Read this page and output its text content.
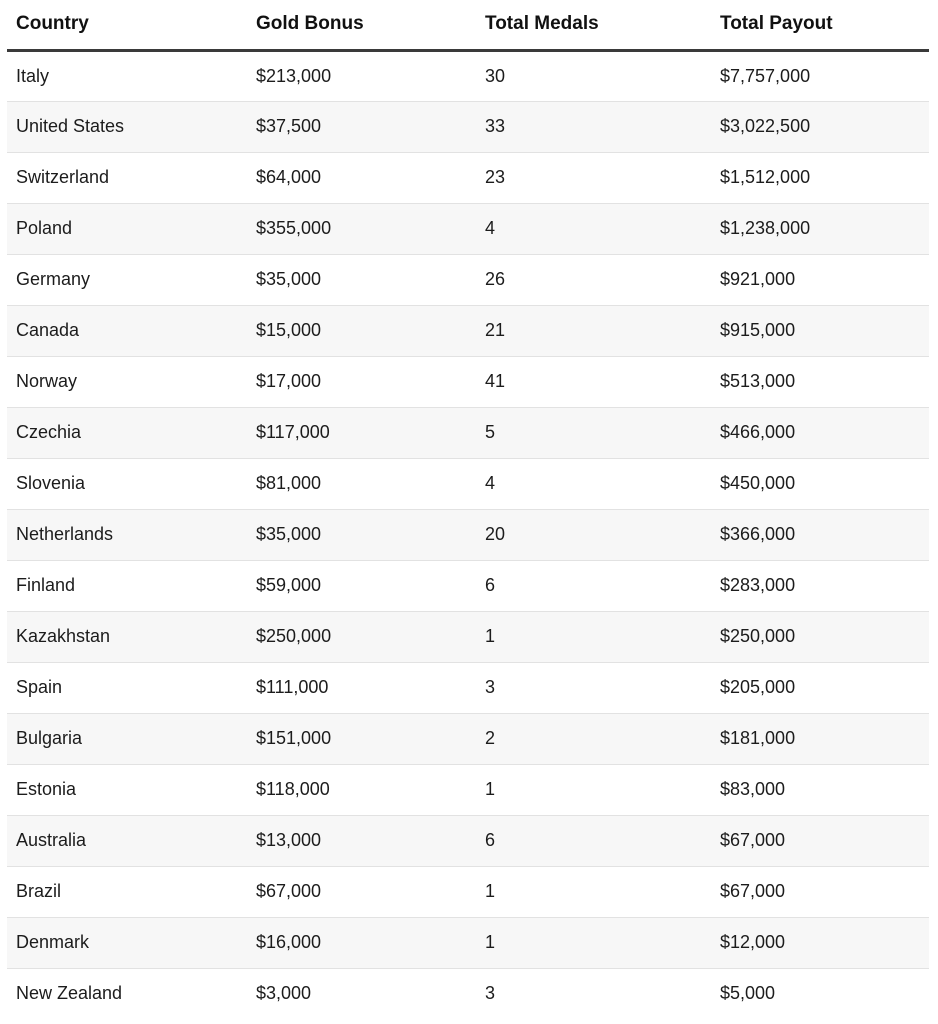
Country	Gold Bonus	Total Medals	Total Payout
Italy	$213,000	30	$7,757,000
United States	$37,500	33	$3,022,500
Switzerland	$64,000	23	$1,512,000
Poland	$355,000	4	$1,238,000
Germany	$35,000	26	$921,000
Canada	$15,000	21	$915,000
Norway	$17,000	41	$513,000
Czechia	$117,000	5	$466,000
Slovenia	$81,000	4	$450,000
Netherlands	$35,000	20	$366,000
Finland	$59,000	6	$283,000
Kazakhstan	$250,000	1	$250,000
Spain	$111,000	3	$205,000
Bulgaria	$151,000	2	$181,000
Estonia	$118,000	1	$83,000
Australia	$13,000	6	$67,000
Brazil	$67,000	1	$67,000
Denmark	$16,000	1	$12,000
New Zealand	$3,000	3	$5,000
